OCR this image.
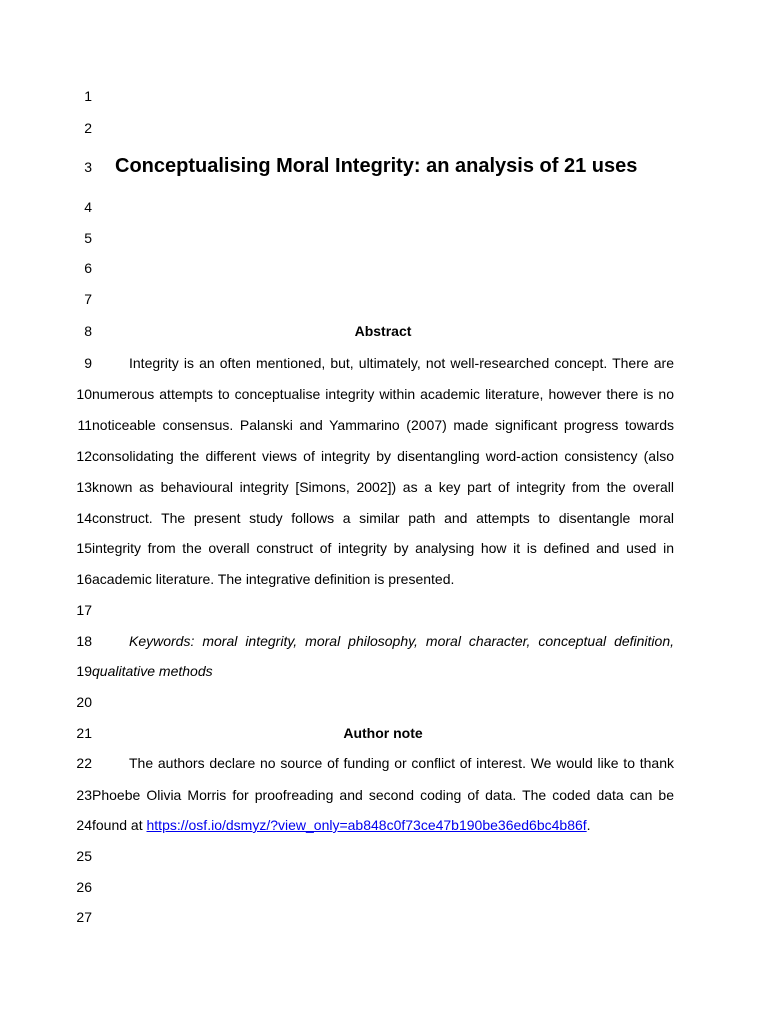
1
2
3
4
5
6
7
8
9
10
11
12
13
14
15
16
17
18
19
20
21
22
23
24
25
26
27
Conceptualising Moral Integrity: an analysis of 21 uses
Abstract
Integrity is an often mentioned, but, ultimately, not well-researched concept. There are
numerous attempts to conceptualise integrity within academic literature, however there is no
noticeable consensus. Palanski and Yammarino (2007) made significant progress towards
consolidating the different views of integrity by disentangling word-action consistency (also
known as behavioural integrity [Simons, 2002]) as a key part of integrity from the overall
construct. The present study follows a similar path and attempts to disentangle moral
integrity from the overall construct of integrity by analysing how it is defined and used in
academic literature. The integrative definition is presented.
Keywords: moral integrity, moral philosophy, moral character, conceptual definition,
qualitative methods
Author note
The authors declare no source of funding or conflict of interest. We would like to thank
Phoebe Olivia Morris for proofreading and second coding of data. The coded data can be
found at https://osf.io/dsmyz/?view_only=ab848c0f73ce47b190be36ed6bc4b86f.
